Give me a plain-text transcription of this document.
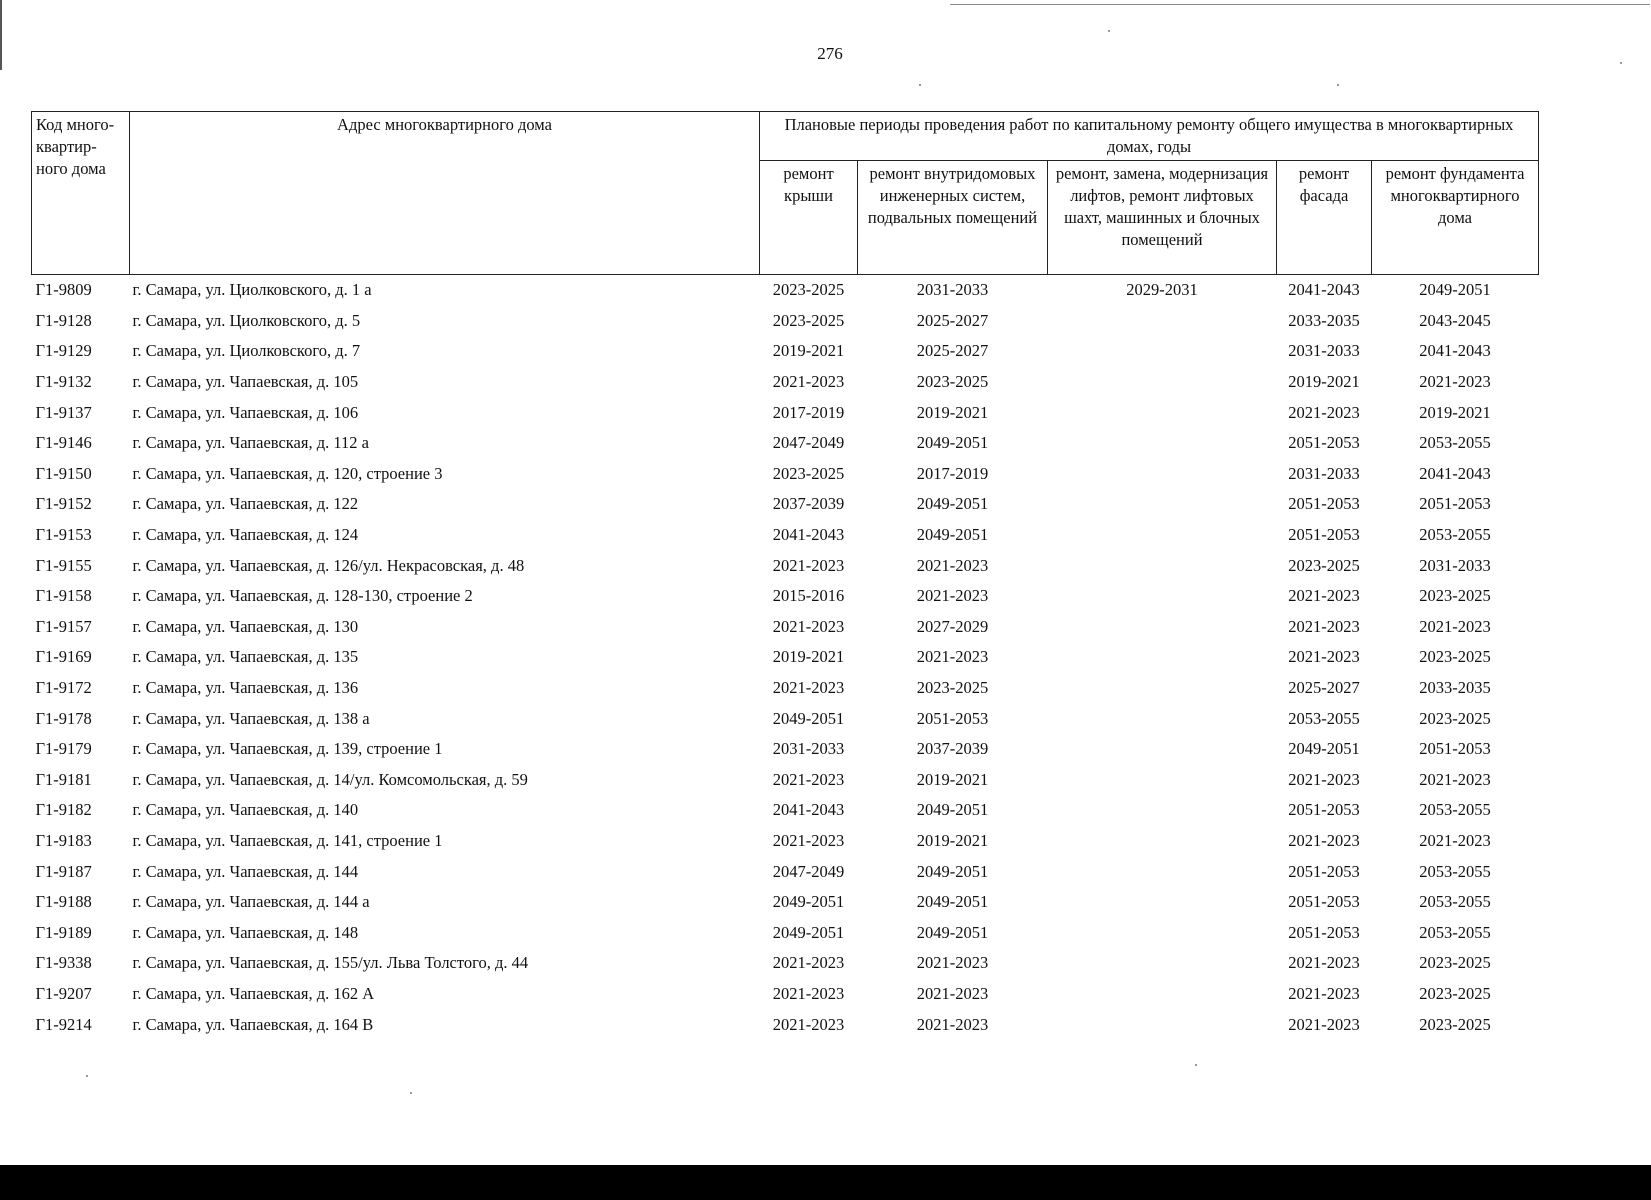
276
Код много-квартир-ного дома	Адрес многоквартирного дома	Плановые периоды проведения работ по капитальному ремонту общего имущества в многоквартирных домах, годы				
		ремонт крыши	ремонт внутридомовых инженерных систем, подвальных помещений	ремонт, замена, модернизация лифтов, ремонт лифтовых шахт, машинных и блочных помещений	ремонт фасада	ремонт фундамента многоквартирного дома
Г1-9809	г. Самара, ул. Циолковского, д. 1 а	2023-2025	2031-2033	2029-2031	2041-2043	2049-2051
Г1-9128	г. Самара, ул. Циолковского, д. 5	2023-2025	2025-2027		2033-2035	2043-2045
Г1-9129	г. Самара, ул. Циолковского, д. 7	2019-2021	2025-2027		2031-2033	2041-2043
Г1-9132	г. Самара, ул. Чапаевская, д. 105	2021-2023	2023-2025		2019-2021	2021-2023
Г1-9137	г. Самара, ул. Чапаевская, д. 106	2017-2019	2019-2021		2021-2023	2019-2021
Г1-9146	г. Самара, ул. Чапаевская, д. 112 а	2047-2049	2049-2051		2051-2053	2053-2055
Г1-9150	г. Самара, ул. Чапаевская, д. 120, строение 3	2023-2025	2017-2019		2031-2033	2041-2043
Г1-9152	г. Самара, ул. Чапаевская, д. 122	2037-2039	2049-2051		2051-2053	2051-2053
Г1-9153	г. Самара, ул. Чапаевская, д. 124	2041-2043	2049-2051		2051-2053	2053-2055
Г1-9155	г. Самара, ул. Чапаевская, д. 126/ул. Некрасовская, д. 48	2021-2023	2021-2023		2023-2025	2031-2033
Г1-9158	г. Самара, ул. Чапаевская, д. 128-130, строение 2	2015-2016	2021-2023		2021-2023	2023-2025
Г1-9157	г. Самара, ул. Чапаевская, д. 130	2021-2023	2027-2029		2021-2023	2021-2023
Г1-9169	г. Самара, ул. Чапаевская, д. 135	2019-2021	2021-2023		2021-2023	2023-2025
Г1-9172	г. Самара, ул. Чапаевская, д. 136	2021-2023	2023-2025		2025-2027	2033-2035
Г1-9178	г. Самара, ул. Чапаевская, д. 138 а	2049-2051	2051-2053		2053-2055	2023-2025
Г1-9179	г. Самара, ул. Чапаевская, д. 139, строение 1	2031-2033	2037-2039		2049-2051	2051-2053
Г1-9181	г. Самара, ул. Чапаевская, д. 14/ул. Комсомольская, д. 59	2021-2023	2019-2021		2021-2023	2021-2023
Г1-9182	г. Самара, ул. Чапаевская, д. 140	2041-2043	2049-2051		2051-2053	2053-2055
Г1-9183	г. Самара, ул. Чапаевская, д. 141, строение 1	2021-2023	2019-2021		2021-2023	2021-2023
Г1-9187	г. Самара, ул. Чапаевская, д. 144	2047-2049	2049-2051		2051-2053	2053-2055
Г1-9188	г. Самара, ул. Чапаевская, д. 144 а	2049-2051	2049-2051		2051-2053	2053-2055
Г1-9189	г. Самара, ул. Чапаевская, д. 148	2049-2051	2049-2051		2051-2053	2053-2055
Г1-9338	г. Самара, ул. Чапаевская, д. 155/ул. Льва Толстого, д. 44	2021-2023	2021-2023		2021-2023	2023-2025
Г1-9207	г. Самара, ул. Чапаевская, д. 162 А	2021-2023	2021-2023		2021-2023	2023-2025
Г1-9214	г. Самара, ул. Чапаевская, д. 164 В	2021-2023	2021-2023		2021-2023	2023-2025
